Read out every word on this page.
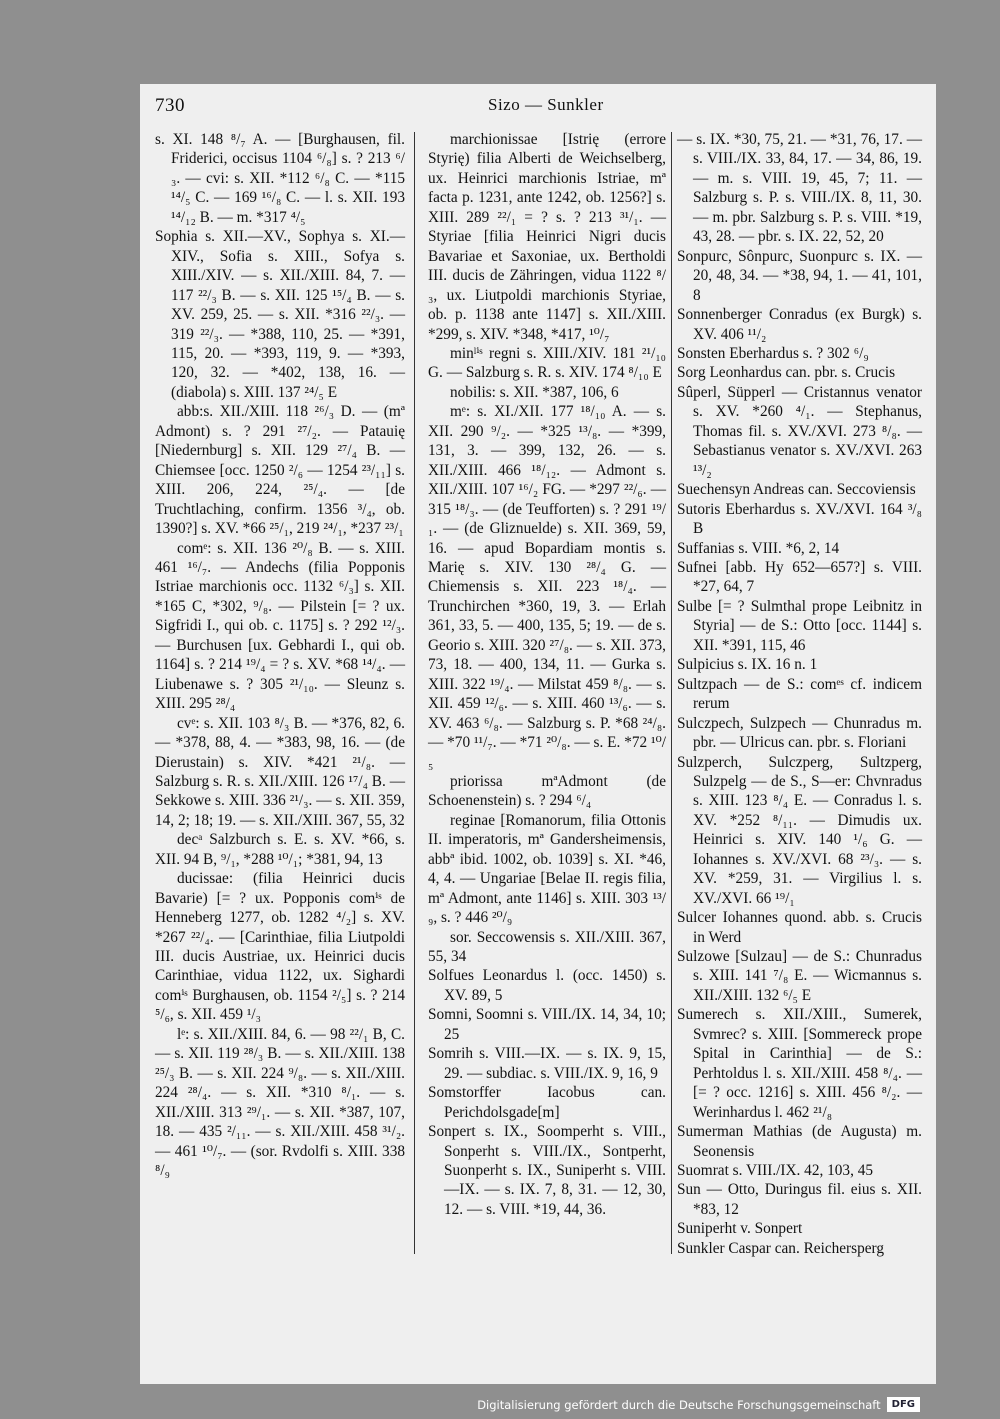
730	Sizo — Sunkler

s. XI. 148 ⁸/₇ A. — [Burghausen, fil. Friderici, occisus 1104 ⁶/₈] s. ? 213 ⁶/₃. — cvi: s. XII. *112 ⁶/₈ C. — *115 ¹⁴/₅ C. — 169 ¹⁶/₈ C. — l. s. XII. 193 ¹⁴/₁₂ B. — m. *317 ⁴/₅

Sophia s. XII.—XV., Sophya s. XI.—XIV., Sofia s. XIII., Sofya s. XIII./XIV. — s. XII./XIII. 84, 7. — 117 ²²/₃ B. — s. XII. 125 ¹⁵/₄ B. — s. XV. 259, 25. — s. XII. *316 ²²/₃. — 319 ²²/₃. — *388, 110, 25. — *391, 115, 20. — *393, 119, 9. — *393, 120, 32. — *402, 138, 16. — (diabola) s. XIII. 137 ²⁴/₅ E

abb:s. XII./XIII. 118 ²⁶/₃ D. — (mª Admont) s. ? 291 ²⁷/₂. — Patauię [Niedernburg] s. XII. 129 ²⁷/₄ B. — Chiemsee [occ. 1250 ²/₆ — 1254 ²³/₁₁] s. XIII. 206, 224, ²⁵/₄. — [de Truchtlaching, confirm. 1356 ³/₄, ob. 1390?] s. XV. *66 ²⁵/₁, 219 ²⁴/₁, *237 ²³/₁

comᵉ: s. XII. 136 ²⁰/₈ B. — s. XIII. 461 ¹⁶/₇. — Andechs (filia Popponis Istriae marchionis occ. 1132 ⁶/₃] s. XII. *165 C, *302, ⁹/₈. — Pilstein [= ? ux. Sigfridi I., qui ob. c. 1175] s. ? 292 ¹²/₃. — Burchusen [ux. Gebhardi I., qui ob. 1164] s. ? 214 ¹⁹/₄ = ? s. XV. *68 ¹⁴/₄. — Liubenawe s. ? 305 ²¹/₁₀. — Sleunz s. XIII. 295 ²⁸/₄

cvᵉ: s. XII. 103 ⁸/₃ B. — *376, 82, 6. — *378, 88, 4. — *383, 98, 16. — (de Dierustain) s. XIV. *421 ²¹/₈. — Salzburg s. R. s. XII./XIII. 126 ¹⁷/₄ B. — Sekkowe s. XIII. 336 ²¹/₃. — s. XII. 359, 14, 2; 18; 19. — s. XII./XIII. 367, 55, 32

decᵃ Salzburch s. E. s. XV. *66, s. XII. 94 B, ⁹/₁, *288 ¹⁰/₁; *381, 94, 13

ducissae: (filia Heinrici ducis Bavarie) [= ? ux. Popponis comⁱˢ de Henneberg 1277, ob. 1282 ⁴/₂] s. XV. *267 ²²/₄. — [Carinthiae, filia Liutpoldi III. ducis Austriae, ux. Heinrici ducis Carinthiae, vidua 1122, ux. Sighardi comⁱˢ Burghausen, ob. 1154 ²/₅] s. ? 214 ⁵/₆, s. XII. 459 ¹/₃

lᵉ: s. XII./XIII. 84, 6. — 98 ²²/₁ B, C. — s. XII. 119 ²⁸/₃ B. — s. XII./XIII. 138 ²⁵/₃ B. — s. XII. 224 ⁹/₈. — s. XII./XIII. 224 ²⁸/₄. — s. XII. *310 ⁸/₁. — s. XII./XIII. 313 ²⁹/₁. — s. XII. *387, 107, 18. — 435 ²/₁₁. — s. XII./XIII. 458 ³¹/₂. — 461 ¹⁰/₇. — (sor. Rvdolfi s. XIII. 338 ⁸/₉

marchionissae [Istrię (errore Styrię) filia Alberti de Weichselberg, ux. Heinrici marchionis Istriae, mª facta p. 1231, ante 1242, ob. 1256?] s. XIII. 289 ²²/₁ = ? s. ? 213 ³¹/₁. — Styriae [filia Heinrici Nigri ducis Bavariae et Saxoniae, ux. Bertholdi III. ducis de Zähringen, vidua 1122 ⁸/₃, ux. Liutpoldi marchionis Styriae, ob. p. 1138 ante 1147] s. XII./XIII. *299, s. XIV. *348, *417, ¹⁰/₇

minˡⁱˢ regni s. XIII./XIV. 181 ²¹/₁₀ G. — Salzburg s. R. s. XIV. 174 ⁸/₁₀ E

nobilis: s. XII. *387, 106, 6

mᵉ: s. XI./XII. 177 ¹⁸/₁₀ A. — s. XII. 290 ⁹/₂. — *325 ¹³/₈. — *399, 131, 3. — 399, 132, 26. — s. XII./XIII. 466 ¹⁸/₁₂. — Admont s. XII./XIII. 107 ¹⁶/₂ FG. — *297 ²²/₆. — 315 ¹⁸/₃. — (de Teufforten) s. ? 291 ¹⁹/₁. — (de Gliznuelde) s. XII. 369, 59, 16. — apud Bopardiam montis s. Marię s. XIV. 130 ²⁸/₄ G. — Chiemensis s. XII. 223 ¹⁸/₄. — Trunchirchen *360, 19, 3. — Erlah 361, 33, 5. — 400, 135, 5; 19. — de s. Georio s. XIII. 320 ²⁷/₈. — s. XII. 373, 73, 18. — 400, 134, 11. — Gurka s. XIII. 322 ¹⁹/₄. — Milstat 459 ⁸/₈. — s. XII. 459 ¹²/₆. — s. XIII. 460 ¹³/₆. — s. XV. 463 ⁶/₈. — Salzburg s. P. *68 ²⁴/₈. — *70 ¹¹/₇. — *71 ²⁰/₈. — s. E. *72 ¹⁰/₅

priorissa mªAdmont (de Schoenenstein) s. ? 294 ⁶/₄

reginae [Romanorum, filia Ottonis II. imperatoris, mª Gandersheimensis, abbª ibid. 1002, ob. 1039] s. XI. *46, 4, 4. — Ungariae [Belae II. regis filia, mª Admont, ante 1146] s. XIII. 303 ¹³/₉, s. ? 446 ²⁰/₉

sor. Seccowensis s. XII./XIII. 367, 55, 34

Solfues Leonardus l. (occ. 1450) s. XV. 89, 5

Somni, Soomni s. VIII./IX. 14, 34, 10; 25

Somrih s. VIII.—IX. — s. IX. 9, 15, 29. — subdiac. s. VIII./IX. 9, 16, 9

Somstorffer Iacobus can. Perichdolsgade[m]

Sonpert s. IX., Soomperht s. VIII., Sonperht s. VIII./IX., Sontperht, Suonperht s. IX., Suniperht s. VIII.—IX. — s. IX. 7, 8, 31. — 12, 30, 12. — s. VIII. *19, 44, 36.

— s. IX. *30, 75, 21. — *31, 76, 17. — s. VIII./IX. 33, 84, 17. — 34, 86, 19. — m. s. VIII. 19, 45, 7; 11. — Salzburg s. P. s. VIII./IX. 8, 11, 30. — m. pbr. Salzburg s. P. s. VIII. *19, 43, 28. — pbr. s. IX. 22, 52, 20

Sonpurc, Sônpurc, Suonpurc s. IX. — 20, 48, 34. — *38, 94, 1. — 41, 101, 8

Sonnenberger Conradus (ex Burgk) s. XV. 406 ¹¹/₂

Sonsten Eberhardus s. ? 302 ⁶/₉

Sorg Leonhardus can. pbr. s. Crucis

Sûperl, Süpperl — Cristannus venator s. XV. *260 ⁴/₁. — Stephanus, Thomas fil. s. XV./XVI. 273 ⁸/₈. — Sebastianus venator s. XV./XVI. 263 ¹³/₂

Suechensyn Andreas can. Seccoviensis

Sutoris Eberhardus s. XV./XVI. 164 ³/₈ B

Suffanias s. VIII. *6, 2, 14

Sufnei [abb. Hy 652—657?] s. VIII. *27, 64, 7

Sulbe [= ? Sulmthal prope Leibnitz in Styria] — de S.: Otto [occ. 1144] s. XII. *391, 115, 46

Sulpicius s. IX. 16 n. 1

Sultzpach — de S.: comᵉˢ cf. indicem rerum

Sulczpech, Sulzpech — Chunradus m. pbr. — Ulricus can. pbr. s. Floriani

Sulzperch, Sulczperg, Sultzperg, Sulzpelg — de S., S—er: Chvnradus s. XIII. 123 ⁸/₄ E. — Conradus l. s. XV. *252 ⁸/₁₁. — Dimudis ux. Heinrici s. XIV. 140 ¹/₆ G. — Iohannes s. XV./XVI. 68 ²³/₃. — s. XV. *259, 31. — Virgilius l. s. XV./XVI. 66 ¹⁹/₁

Sulcer Iohannes quond. abb. s. Crucis in Werd

Sulzowe [Sulzau] — de S.: Chunradus s. XIII. 141 ⁷/₈ E. — Wicmannus s. XII./XIII. 132 ⁶/₅ E

Sumerech s. XII./XIII., Sumerek, Svmrec? s. XIII. [Sommereck prope Spital in Carinthia] — de S.: Perhtoldus l. s. XII./XIII. 458 ⁸/₄. — [= ? occ. 1216] s. XIII. 456 ⁸/₂. — Werinhardus l. 462 ²¹/₈

Sumerman Mathias (de Augusta) m. Seonensis

Suomrat s. VIII./IX. 42, 103, 45

Sun — Otto, Duringus fil. eius s. XII. *83, 12

Suniperht v. Sonpert

Sunkler Caspar can. Reichersperg

Digitalisierung gefördert durch die Deutsche Forschungsgemeinschaft	DFG
